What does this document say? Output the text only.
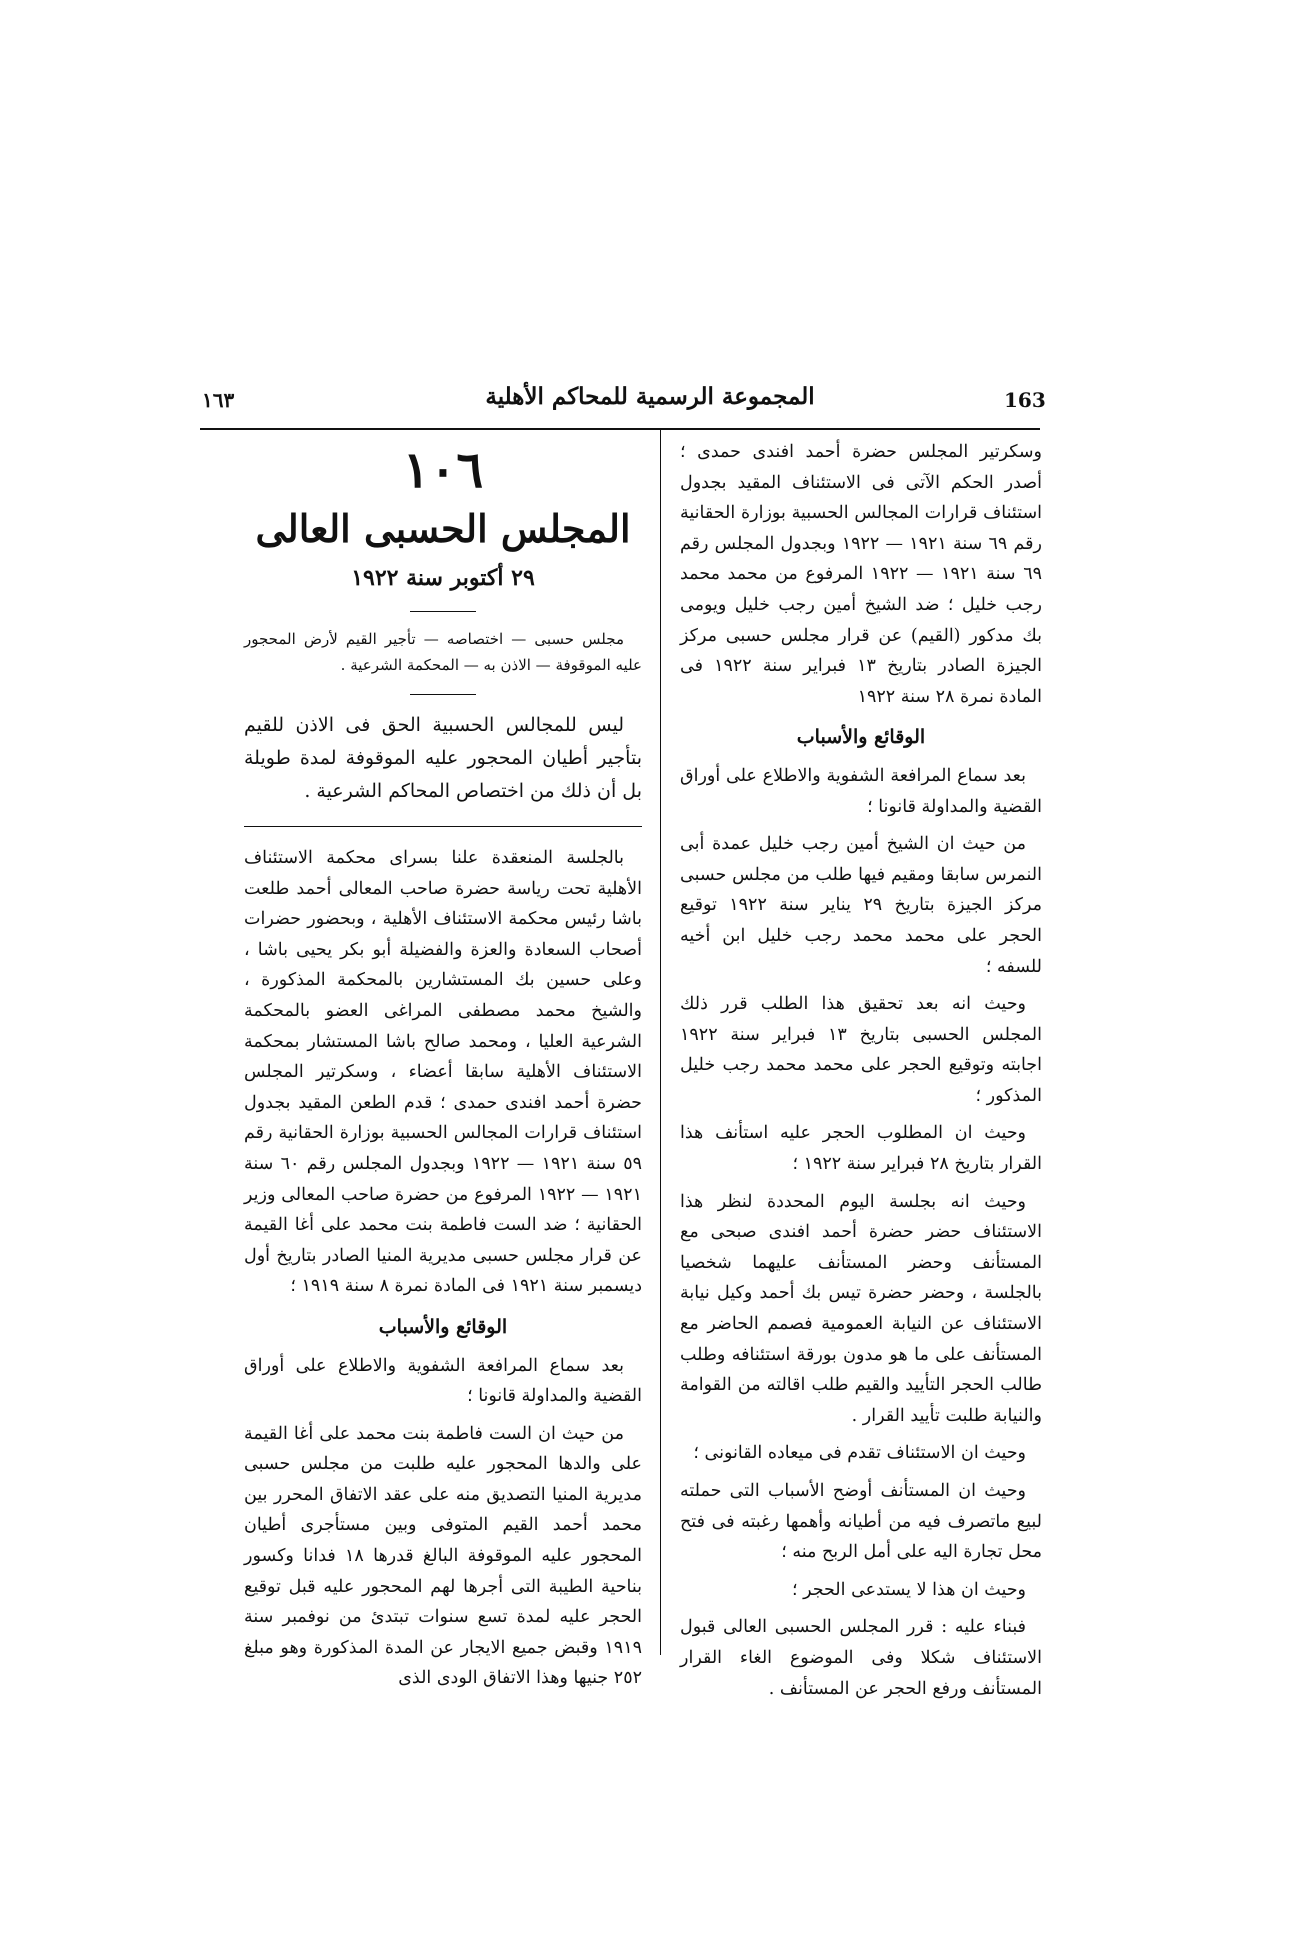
١٦٣	المجموعة الرسمية للمحاكم الأهلية	163

وسكرتير المجلس حضرة أحمد افندى حمدى ؛ أصدر الحكم الآتى فى الاستئناف المقيد بجدول استئناف قرارات المجالس الحسبية بوزارة الحقانية رقم ٦٩ سنة ١٩٢١ — ١٩٢٢ وبجدول المجلس رقم ٦٩ سنة ١٩٢١ — ١٩٢٢ المرفوع من محمد محمد رجب خليل ؛ ضد الشيخ أمين رجب خليل ويومى بك مدكور (القيم) عن قرار مجلس حسبى مركز الجيزة الصادر بتاريخ ١٣ فبراير سنة ١٩٢٢ فى المادة نمرة ٢٨ سنة ١٩٢٢

الوقائع والأسباب

بعد سماع المرافعة الشفوية والاطلاع على أوراق القضية والمداولة قانونا ؛

من حيث ان الشيخ أمين رجب خليل عمدة أبى النمرس سابقا ومقيم فيها طلب من مجلس حسبى مركز الجيزة بتاريخ ٢٩ يناير سنة ١٩٢٢ توقيع الحجر على محمد محمد رجب خليل ابن أخيه للسفه ؛

وحيث انه بعد تحقيق هذا الطلب قرر ذلك المجلس الحسبى بتاريخ ١٣ فبراير سنة ١٩٢٢ اجابته وتوقيع الحجر على محمد محمد رجب خليل المذكور ؛

وحيث ان المطلوب الحجر عليه استأنف هذا القرار بتاريخ ٢٨ فبراير سنة ١٩٢٢ ؛

وحيث انه بجلسة اليوم المحددة لنظر هذا الاستئناف حضر حضرة أحمد افندى صبحى مع المستأنف وحضر المستأنف عليهما شخصيا بالجلسة ، وحضر حضرة تيس بك أحمد وكيل نيابة الاستئناف عن النيابة العمومية فصمم الحاضر مع المستأنف على ما هو مدون بورقة استئنافه وطلب طالب الحجر التأييد والقيم طلب اقالته من القوامة والنيابة طلبت تأييد القرار .

وحيث ان الاستئناف تقدم فى ميعاده القانونى ؛

وحيث ان المستأنف أوضح الأسباب التى حملته لبيع ماتصرف فيه من أطيانه وأهمها رغبته فى فتح محل تجارة اليه على أمل الربح منه ؛

وحيث ان هذا لا يستدعى الحجر ؛

فبناء عليه : قرر المجلس الحسبى العالى قبول الاستئناف شكلا وفى الموضوع الغاء القرار المستأنف ورفع الحجر عن المستأنف .

١٠٦
المجلس الحسبى العالى
٢٩ أكتوبر سنة ١٩٢٢

مجلس حسبى — اختصاصه — تأجير القيم لأرض المحجور عليه الموقوفة — الاذن به — المحكمة الشرعية .

ليس للمجالس الحسبية الحق فى الاذن للقيم بتأجير أطيان المحجور عليه الموقوفة لمدة طويلة بل أن ذلك من اختصاص المحاكم الشرعية .

بالجلسة المنعقدة علنا بسراى محكمة الاستئناف الأهلية تحت رياسة حضرة صاحب المعالى أحمد طلعت باشا رئيس محكمة الاستئناف الأهلية ، وبحضور حضرات أصحاب السعادة والعزة والفضيلة أبو بكر يحيى باشا ، وعلى حسين بك المستشارين بالمحكمة المذكورة ، والشيخ محمد مصطفى المراغى العضو بالمحكمة الشرعية العليا ، ومحمد صالح باشا المستشار بمحكمة الاستئناف الأهلية سابقا أعضاء ، وسكرتير المجلس حضرة أحمد افندى حمدى ؛ قدم الطعن المقيد بجدول استئناف قرارات المجالس الحسبية بوزارة الحقانية رقم ٥٩ سنة ١٩٢١ — ١٩٢٢ وبجدول المجلس رقم ٦٠ سنة ١٩٢١ — ١٩٢٢ المرفوع من حضرة صاحب المعالى وزير الحقانية ؛ ضد الست فاطمة بنت محمد على أغا القيمة عن قرار مجلس حسبى مديرية المنيا الصادر بتاريخ أول ديسمبر سنة ١٩٢١ فى المادة نمرة ٨ سنة ١٩١٩ ؛

الوقائع والأسباب

بعد سماع المرافعة الشفوية والاطلاع على أوراق القضية والمداولة قانونا ؛

من حيث ان الست فاطمة بنت محمد على أغا القيمة على والدها المحجور عليه طلبت من مجلس حسبى مديرية المنيا التصديق منه على عقد الاتفاق المحرر بين محمد أحمد القيم المتوفى وبين مستأجرى أطيان المحجور عليه الموقوفة البالغ قدرها ١٨ فدانا وكسور بناحية الطيبة التى أجرها لهم المحجور عليه قبل توقيع الحجر عليه لمدة تسع سنوات تبتدئ من نوفمبر سنة ١٩١٩ وقبض جميع الايجار عن المدة المذكورة وهو مبلغ ٢٥٢ جنيها وهذا الاتفاق الودى الذى
